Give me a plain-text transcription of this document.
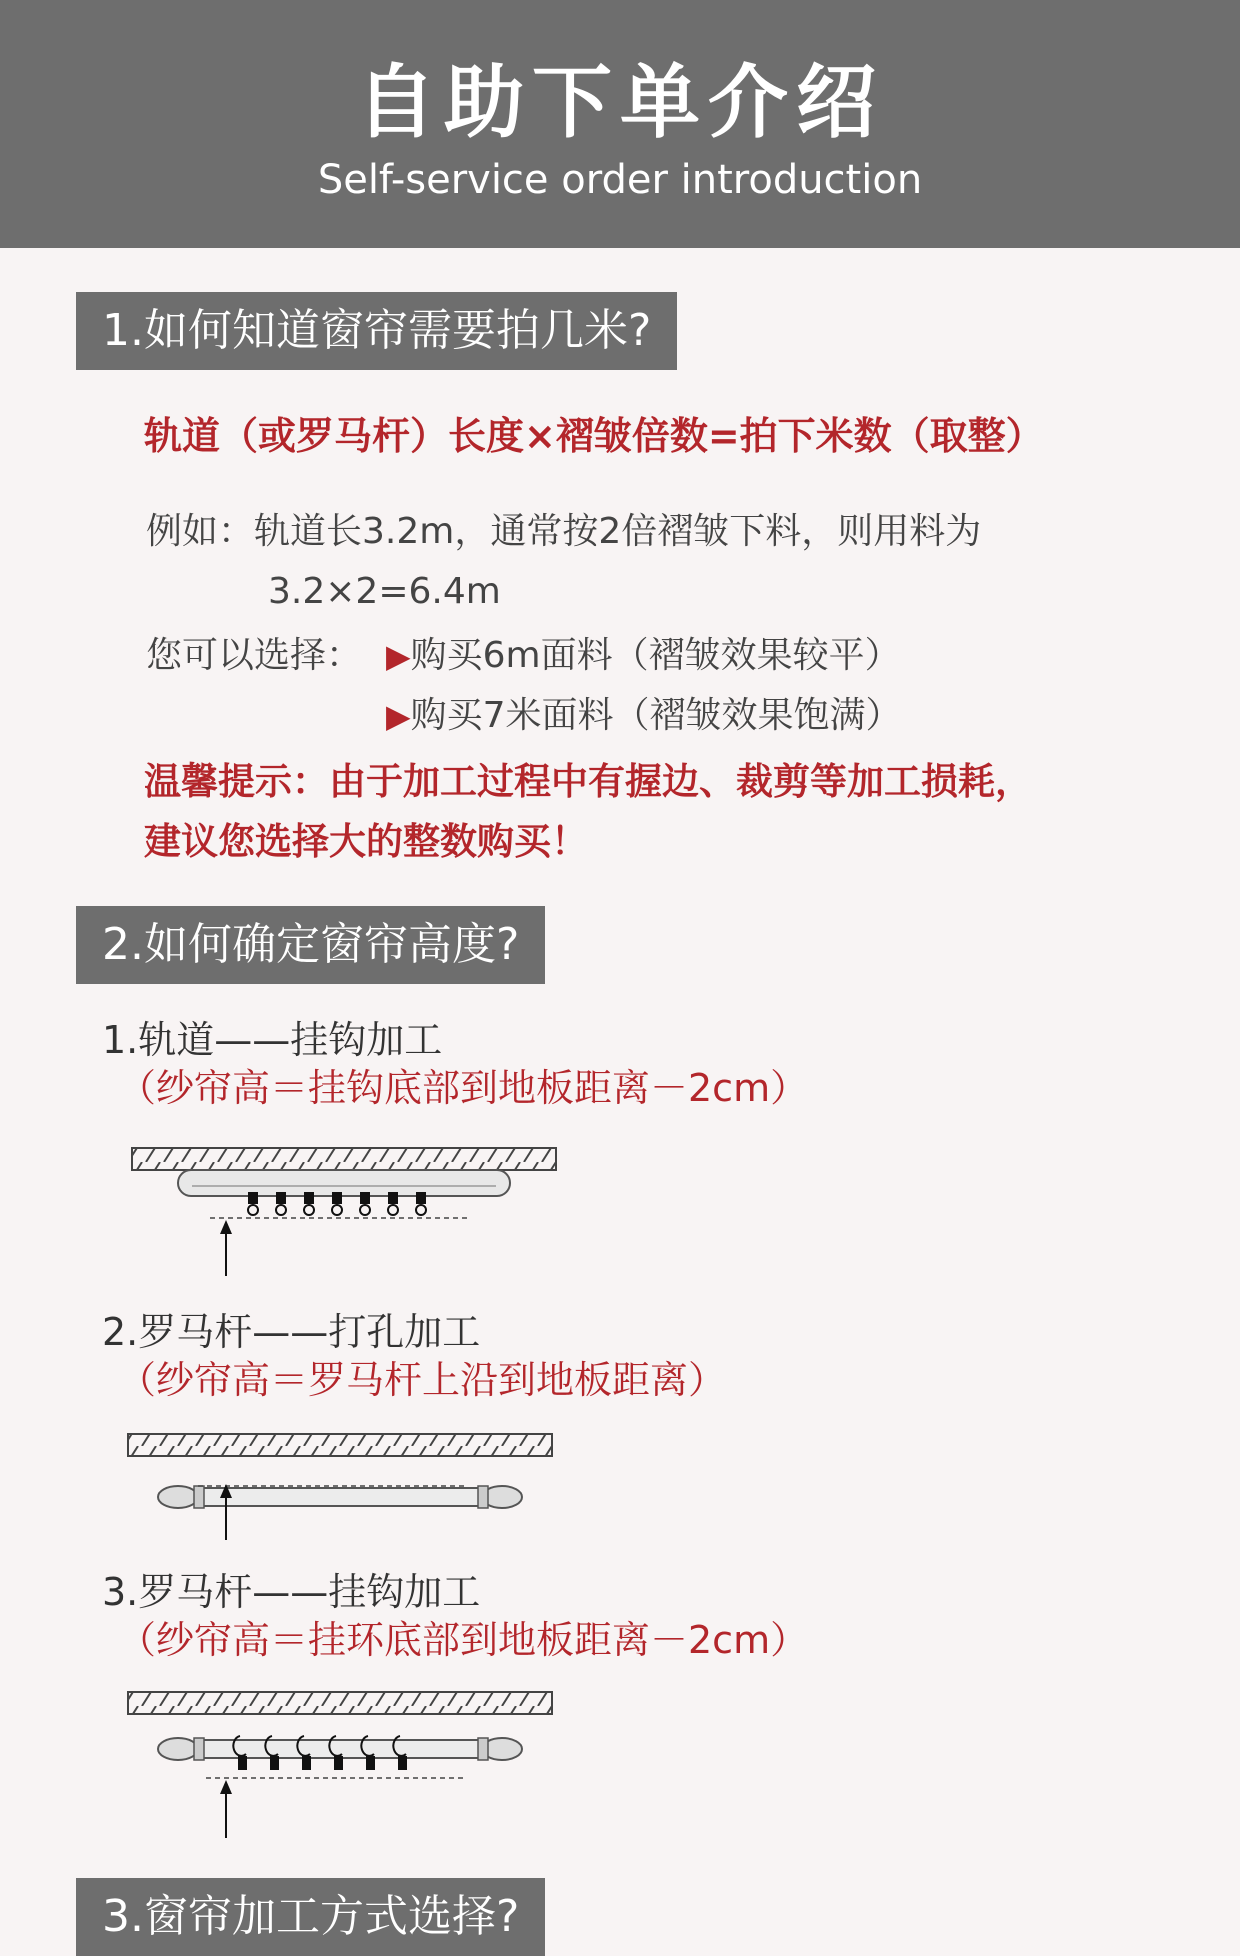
自助下单介绍
Self-service order introduction
1.如何知道窗帘需要拍几米?
轨道（或罗马杆）长度×褶皱倍数=拍下米数（取整）
例如：轨道长3.2m，通常按2倍褶皱下料，则用料为
3.2×2=6.4m
您可以选择： ▶购买6m面料（褶皱效果较平）
▶购买7米面料（褶皱效果饱满）
温馨提示：由于加工过程中有握边、裁剪等加工损耗，
建议您选择大的整数购买！
2.如何确定窗帘高度?
1.轨道——挂钩加工
（纱帘高＝挂钩底部到地板距离－2cm）
2.罗马杆——打孔加工
（纱帘高＝罗马杆上沿到地板距离）
3.罗马杆——挂钩加工
（纱帘高＝挂环底部到地板距离－2cm）
3.窗帘加工方式选择?
